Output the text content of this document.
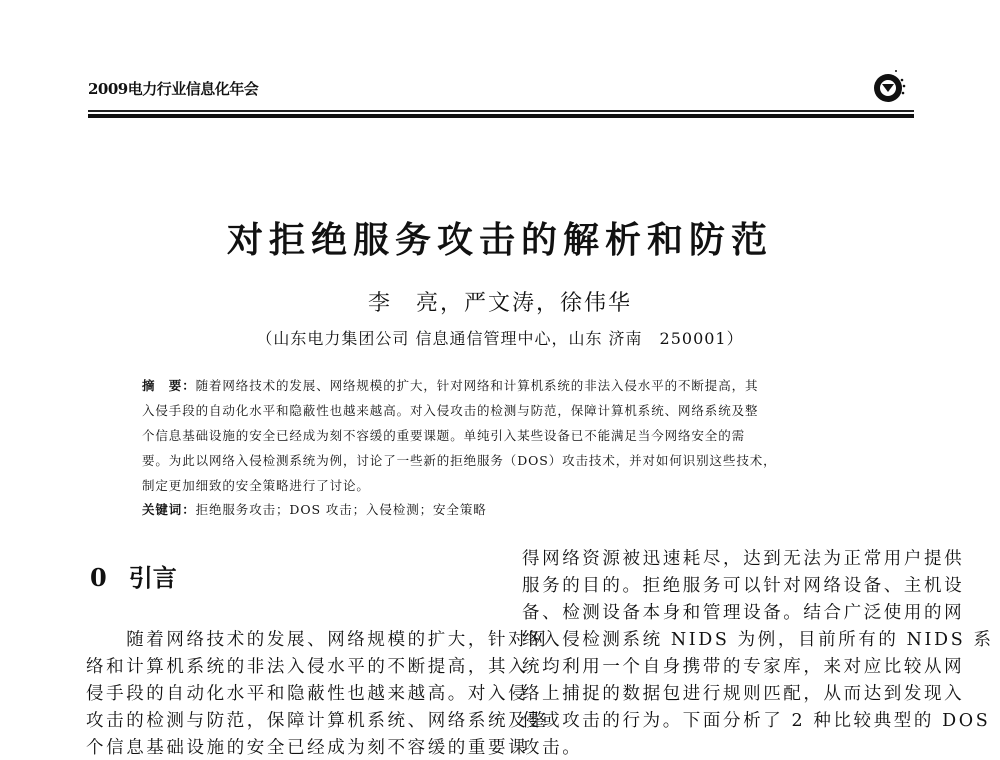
2009电力行业信息化年会
对拒绝服务攻击的解析和防范
李　亮，严文涛，徐伟华
（山东电力集团公司 信息通信管理中心，山东 济南　250001）
摘　要：随着网络技术的发展、网络规模的扩大，针对网络和计算机系统的非法入侵水平的不断提高，其
入侵手段的自动化水平和隐蔽性也越来越高。对入侵攻击的检测与防范，保障计算机系统、网络系统及整
个信息基础设施的安全已经成为刻不容缓的重要课题。单纯引入某些设备已不能满足当今网络安全的需
要。为此以网络入侵检测系统为例，讨论了一些新的拒绝服务（DOS）攻击技术，并对如何识别这些技术，
制定更加细致的安全策略进行了讨论。
关键词：拒绝服务攻击；DOS 攻击；入侵检测；安全策略
0 引言
　　随着网络技术的发展、网络规模的扩大，针对网
络和计算机系统的非法入侵水平的不断提高，其入
侵手段的自动化水平和隐蔽性也越来越高。对入侵
攻击的检测与防范，保障计算机系统、网络系统及整
个信息基础设施的安全已经成为刻不容缓的重要课
得网络资源被迅速耗尽，达到无法为正常用户提供
服务的目的。拒绝服务可以针对网络设备、主机设
备、检测设备本身和管理设备。结合广泛使用的网
络入侵检测系统 NIDS 为例，目前所有的 NIDS 系
统均利用一个自身携带的专家库，来对应比较从网
络上捕捉的数据包进行规则匹配，从而达到发现入
侵或攻击的行为。下面分析了 2 种比较典型的 DOS
攻击。
